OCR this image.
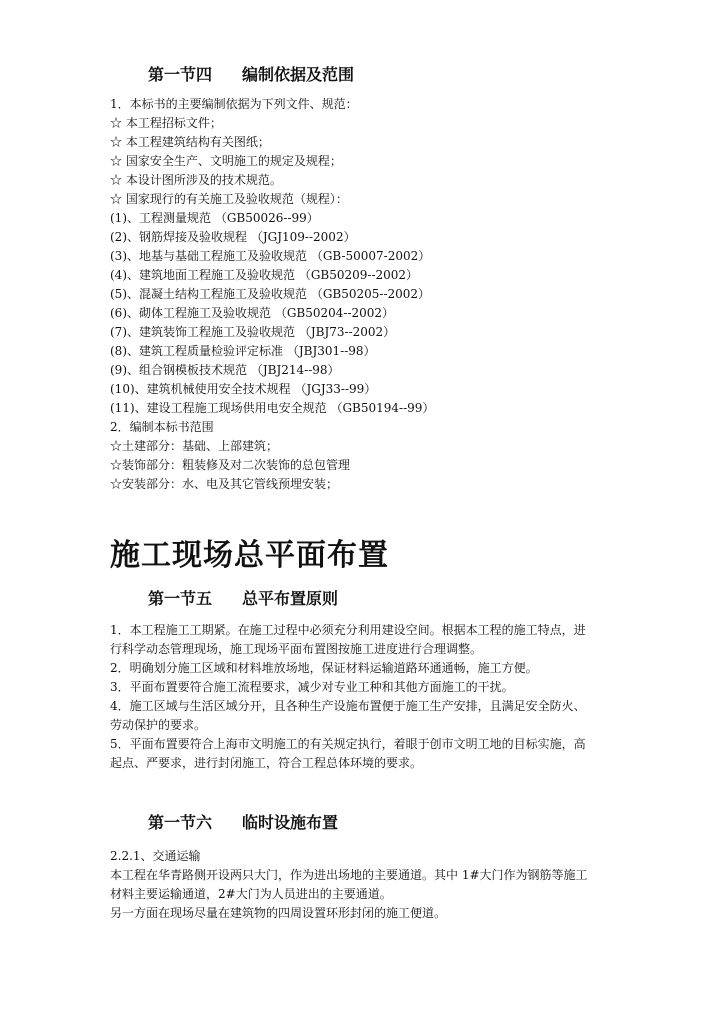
第一节四 编制依据及范围
1．本标书的主要编制依据为下列文件、规范：
☆ 本工程招标文件；
☆ 本工程建筑结构有关图纸；
☆ 国家安全生产、文明施工的规定及规程；
☆ 本设计图所涉及的技术规范。
☆ 国家现行的有关施工及验收规范（规程）：
(1)、工程测量规范 （GB50026--99）
(2)、钢筋焊接及验收规程 （JGJ109--2002）
(3)、地基与基础工程施工及验收规范 （GB-50007-2002）
(4)、建筑地面工程施工及验收规范 （GB50209--2002）
(5)、混凝土结构工程施工及验收规范 （GB50205--2002）
(6)、砌体工程施工及验收规范 （GB50204--2002）
(7)、建筑装饰工程施工及验收规范 （JBJ73--2002）
(8)、建筑工程质量检验评定标准 （JBJ301--98）
(9)、组合钢模板技术规范 （JBJ214--98）
(10)、建筑机械使用安全技术规程 （JGJ33--99）
(11)、建设工程施工现场供用电安全规范 （GB50194--99）
2．编制本标书范围
☆土建部分：基础、上部建筑；
☆装饰部分：粗装修及对二次装饰的总包管理
☆安装部分：水、电及其它管线预埋安装；
施工现场总平面布置
第一节五 总平布置原则
1．本工程施工工期紧。在施工过程中必须充分利用建设空间。根据本工程的施工特点，进
行科学动态管理现场，施工现场平面布置图按施工进度进行合理调整。
2．明确划分施工区域和材料堆放场地，保证材料运输道路环通通畅，施工方便。
3．平面布置要符合施工流程要求，减少对专业工种和其他方面施工的干扰。
4．施工区域与生活区域分开，且各种生产设施布置便于施工生产安排，且满足安全防火、
劳动保护的要求。
5．平面布置要符合上海市文明施工的有关规定执行，着眼于创市文明工地的目标实施，高
起点、严要求，进行封闭施工，符合工程总体环境的要求。
第一节六 临时设施布置
2.2.1、交通运输
本工程在华青路侧开设两只大门，作为进出场地的主要通道。其中 1#大门作为钢筋等施工
材料主要运输通道，2#大门为人员进出的主要通道。
另一方面在现场尽量在建筑物的四周设置环形封闭的施工便道。
